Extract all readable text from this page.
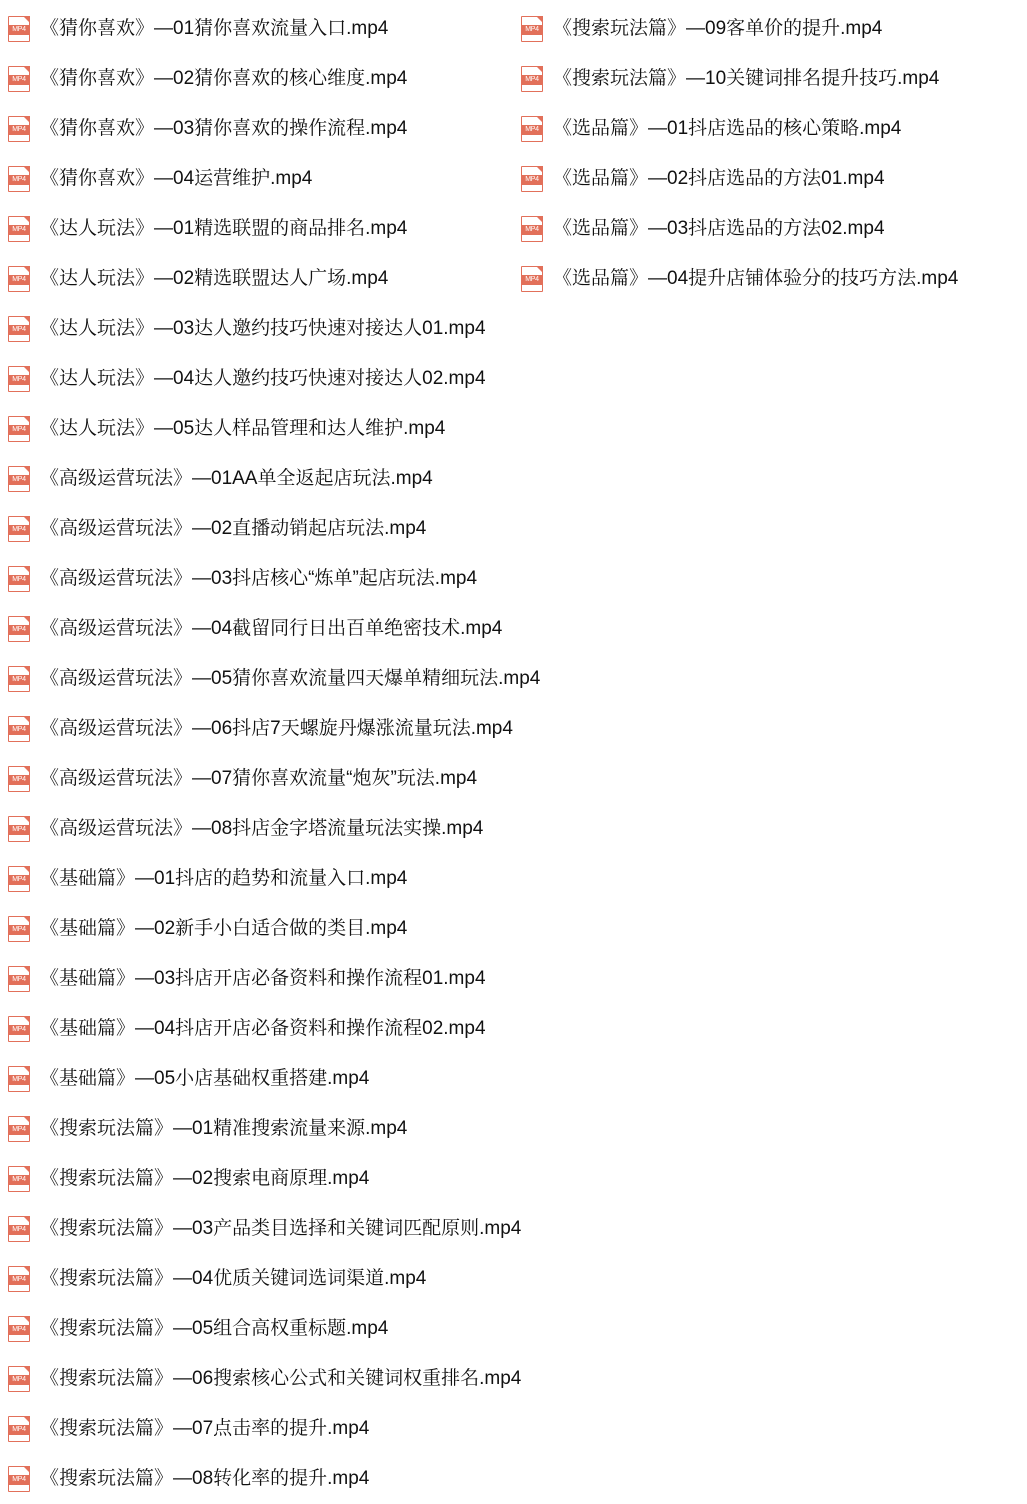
MP4 《猜你喜欢》—01猜你喜欢流量入口.mp4
MP4 《猜你喜欢》—02猜你喜欢的核心维度.mp4
MP4 《猜你喜欢》—03猜你喜欢的操作流程.mp4
MP4 《猜你喜欢》—04运营维护.mp4
MP4 《达人玩法》—01精选联盟的商品排名.mp4
MP4 《达人玩法》—02精选联盟达人广场.mp4
MP4 《达人玩法》—03达人邀约技巧快速对接达人01.mp4
MP4 《达人玩法》—04达人邀约技巧快速对接达人02.mp4
MP4 《达人玩法》—05达人样品管理和达人维护.mp4
MP4 《高级运营玩法》—01AA单全返起店玩法.mp4
MP4 《高级运营玩法》—02直播动销起店玩法.mp4
MP4 《高级运营玩法》—03抖店核心“炼单”起店玩法.mp4
MP4 《高级运营玩法》—04截留同行日出百单绝密技术.mp4
MP4 《高级运营玩法》—05猜你喜欢流量四天爆单精细玩法.mp4
MP4 《高级运营玩法》—06抖店7天螺旋丹爆涨流量玩法.mp4
MP4 《高级运营玩法》—07猜你喜欢流量“炮灰”玩法.mp4
MP4 《高级运营玩法》—08抖店金字塔流量玩法实操.mp4
MP4 《基础篇》—01抖店的趋势和流量入口.mp4
MP4 《基础篇》—02新手小白适合做的类目.mp4
MP4 《基础篇》—03抖店开店必备资料和操作流程01.mp4
MP4 《基础篇》—04抖店开店必备资料和操作流程02.mp4
MP4 《基础篇》—05小店基础权重搭建.mp4
MP4 《搜索玩法篇》—01精准搜索流量来源.mp4
MP4 《搜索玩法篇》—02搜索电商原理.mp4
MP4 《搜索玩法篇》—03产品类目选择和关键词匹配原则.mp4
MP4 《搜索玩法篇》—04优质关键词选词渠道.mp4
MP4 《搜索玩法篇》—05组合高权重标题.mp4
MP4 《搜索玩法篇》—06搜索核心公式和关键词权重排名.mp4
MP4 《搜索玩法篇》—07点击率的提升.mp4
MP4 《搜索玩法篇》—08转化率的提升.mp4
MP4 《搜索玩法篇》—09客单价的提升.mp4
MP4 《搜索玩法篇》—10关键词排名提升技巧.mp4
MP4 《选品篇》—01抖店选品的核心策略.mp4
MP4 《选品篇》—02抖店选品的方法01.mp4
MP4 《选品篇》—03抖店选品的方法02.mp4
MP4 《选品篇》—04提升店铺体验分的技巧方法.mp4
